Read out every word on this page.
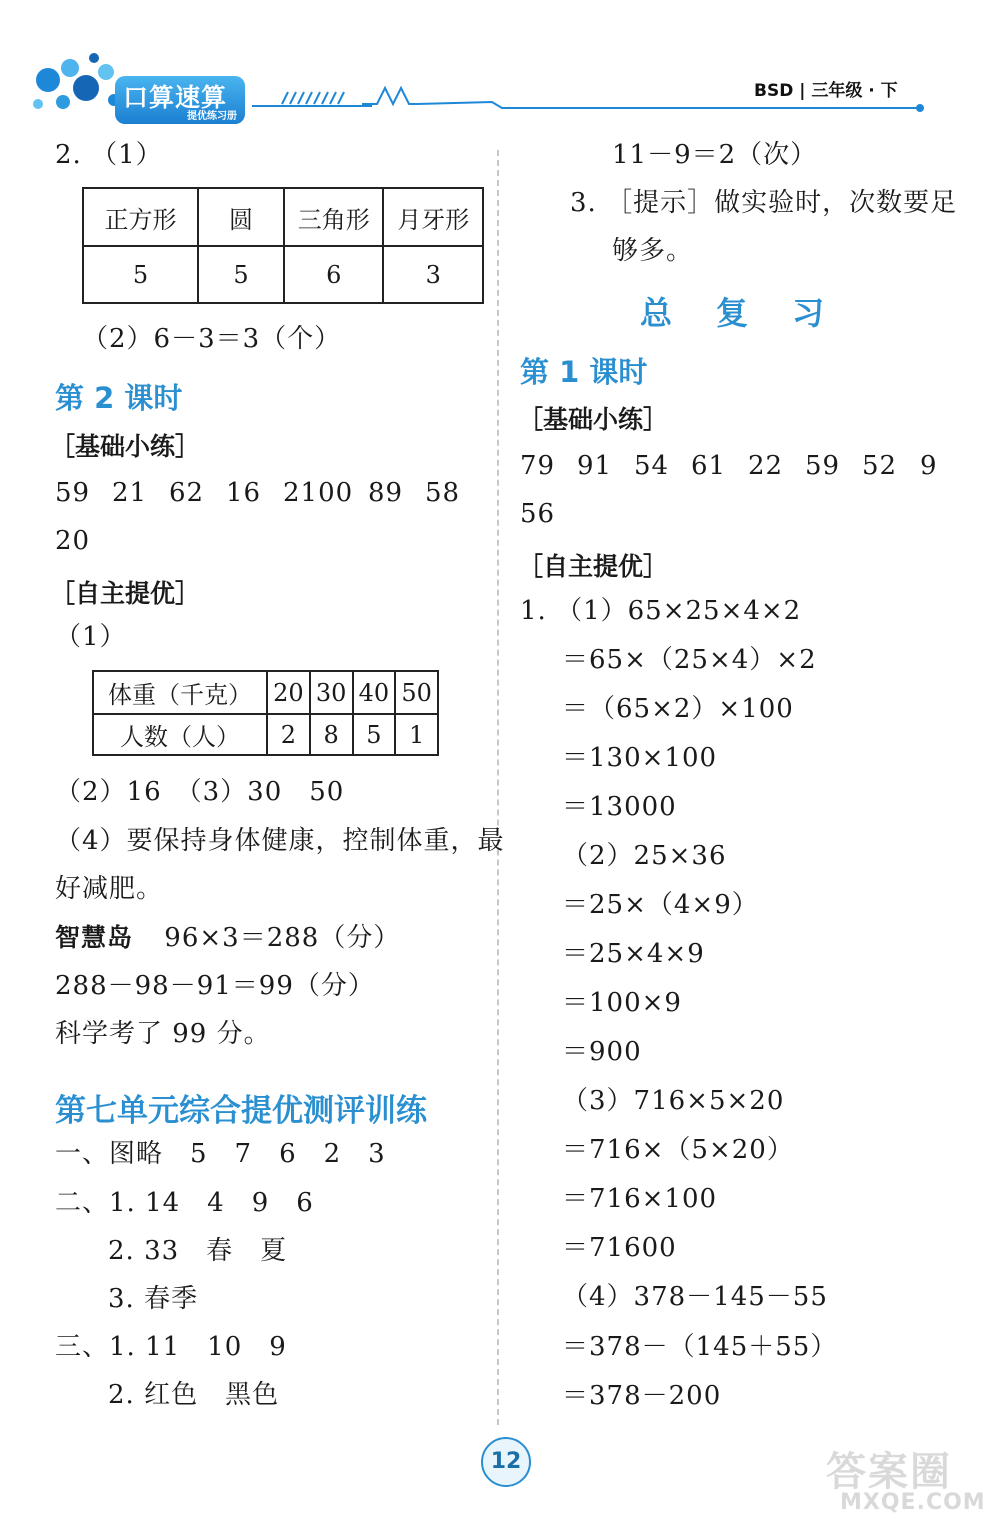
口算速算
提优练习册
BSD | 三年级 · 下
2. （1）
正方形	圆	三角形	月牙形
5	5	6	3
（2）6－3＝3（个）
第 2 课时
［基础小练］
59 21 62 16 2100 89 58
20
［自主提优］
（1）
体重（千克）	20	30	40	50
人数（人）	2	8	5	1
（2）16　（3）30　50
（4）要保持身体健康，控制体重，最
好减肥。
智慧岛 96×3＝288（分）
288－98－91＝99（分）
科学考了 99 分。
第七单元综合提优测评训练
一、图略　5　7　6　2　3
二、1. 14　4　9　6
2. 33　春　夏
3. 春季
三、1. 11　10　9
2. 红色　黑色
11－9＝2（次）
3. ［提示］做实验时，次数要足
够多。
总　复　习
第 1 课时
［基础小练］
79 91 54 61 22 59 52 9
56
［自主提优］
1. （1）65×25×4×2
＝65×（25×4）×2
＝（65×2）×100
＝130×100
＝13000
（2）25×36
＝25×（4×9）
＝25×4×9
＝100×9
＝900
（3）716×5×20
＝716×（5×20）
＝716×100
＝71600
（4）378－145－55
＝378－（145＋55）
＝378－200
12	答案圈
MXQE.COM
